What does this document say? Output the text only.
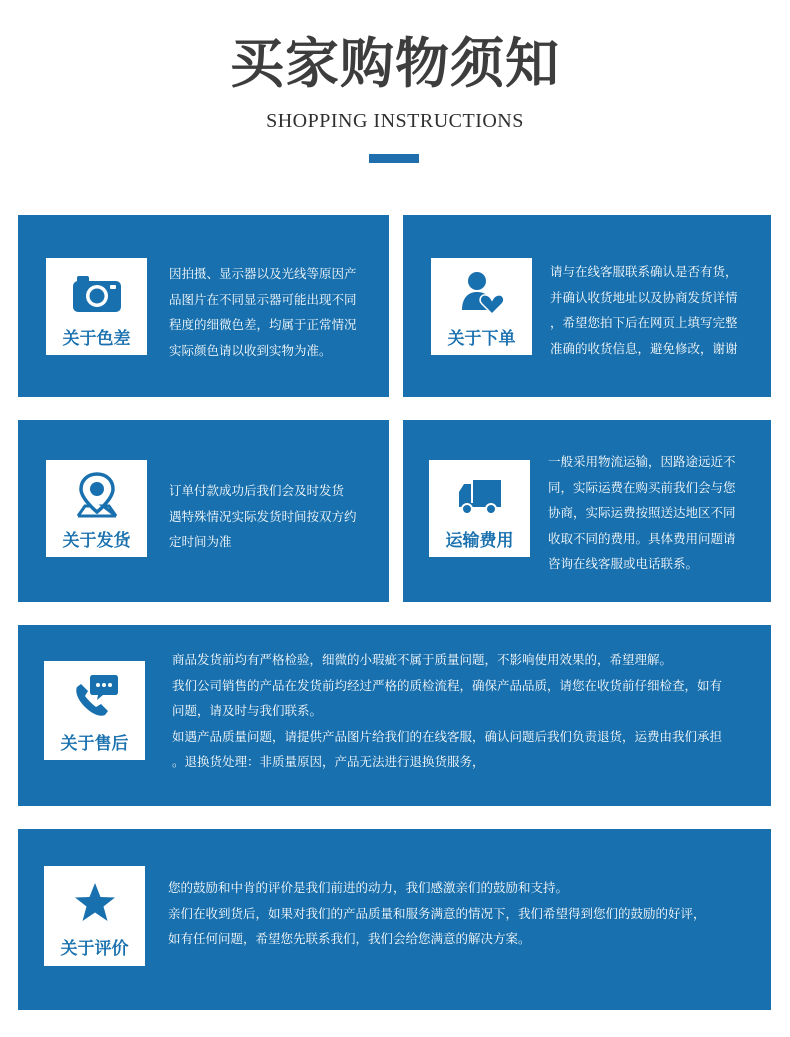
买家购物须知
SHOPPING INSTRUCTIONS
关于色差
因拍摄、显示器以及光线等原因产
品图片在不同显示器可能出现不同
程度的细微色差，均属于正常情况
实际颜色请以收到实物为准。
关于下单
请与在线客服联系确认是否有货，
并确认收货地址以及协商发货详情
，希望您拍下后在网页上填写完整
准确的收货信息，避免修改，谢谢
关于发货
订单付款成功后我们会及时发货
遇特殊情况实际发货时间按双方约
定时间为准	运输费用
一般采用物流运输，因路途远近不
同，实际运费在购买前我们会与您
协商，实际运费按照送达地区不同
收取不同的费用。具体费用问题请
咨询在线客服或电话联系。
关于售后
商品发货前均有严格检验，细微的小瑕疵不属于质量问题，不影响使用效果的，希望理解。
我们公司销售的产品在发货前均经过严格的质检流程，确保产品品质，请您在收货前仔细检查，如有
问题，请及时与我们联系。
如遇产品质量问题，请提供产品图片给我们的在线客服，确认问题后我们负责退货，运费由我们承担
。退换货处理：非质量原因，产品无法进行退换货服务，
关于评价
您的鼓励和中肯的评价是我们前进的动力，我们感激亲们的鼓励和支持。
亲们在收到货后，如果对我们的产品质量和服务满意的情况下，我们希望得到您们的鼓励的好评，
如有任何问题，希望您先联系我们，我们会给您满意的解决方案。
